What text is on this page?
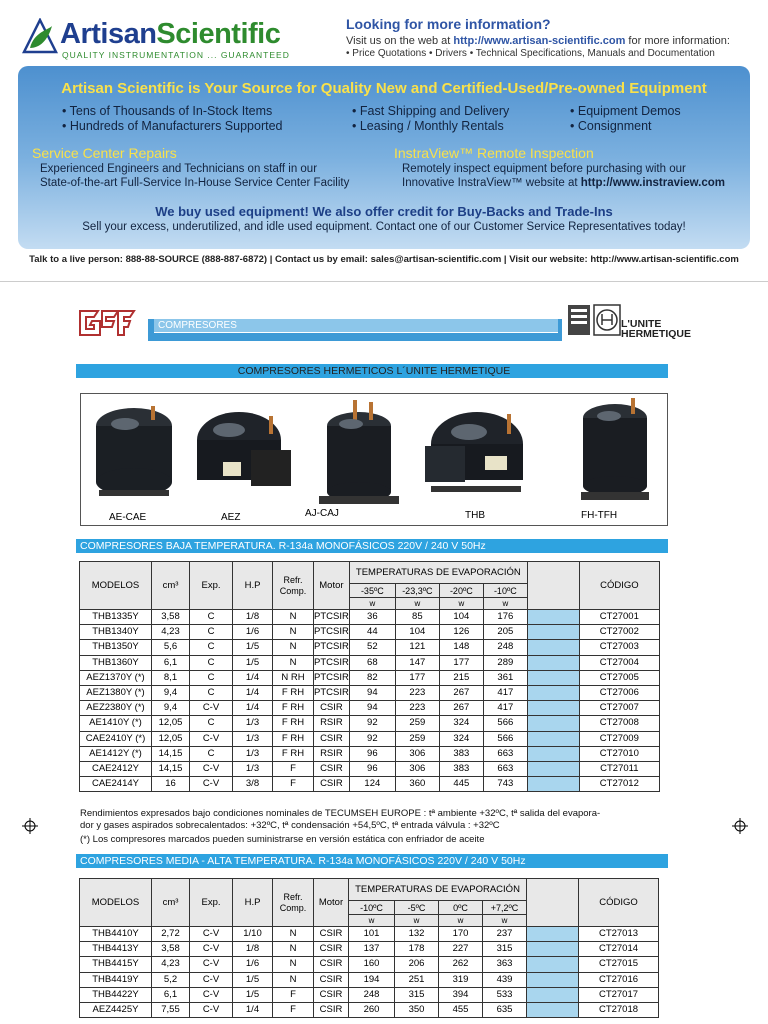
ArtisanScientific
QUALITY INSTRUMENTATION ... GUARANTEED
Looking for more information?
Visit us on the web at http://www.artisan-scientific.com for more information:
• Price Quotations • Drivers • Technical Specifications, Manuals and Documentation
Artisan Scientific is Your Source for Quality New and Certified-Used/Pre-owned Equipment
• Tens of Thousands of In-Stock Items
• Hundreds of Manufacturers Supported
• Fast Shipping and Delivery
• Leasing / Monthly Rentals
• Equipment Demos
• Consignment
Service Center Repairs
Experienced Engineers and Technicians on staff in our
State-of-the-art Full-Service In-House Service Center Facility
InstraView™ Remote Inspection
Remotely inspect equipment before purchasing with our
Innovative InstraView™ website at http://www.instraview.com
We buy used equipment! We also offer credit for Buy-Backs and Trade-Ins
Sell your excess, underutilized, and idle used equipment. Contact one of our Customer Service Representatives today!
Talk to a live person: 888-88-SOURCE (888-887-6872) | Contact us by email: sales@artisan-scientific.com | Visit our website: http://www.artisan-scientific.com
COMPRESORES	L'UNITE
HERMETIQUE
COMPRESORES HERMETICOS L´UNITE HERMETIQUE
AE-CAE	AEZ	AJ-CAJ	THB	FH-TFH
COMPRESORES BAJA TEMPERATURA. R-134a MONOFÁSICOS 220V / 240 V 50Hz
MODELOS	cm³	Exp.	H.P	Refr. Comp.	Motor	TEMPERATURAS DE EVAPORACIÓN					CÓDIGO
						-35ºC	-23,3ºC	-20ºC	-10ºC		
						w	w	w	w		
THB1335Y	3,58	C	1/8	N	PTCSIR	36	85	104	176		CT27001
THB1340Y	4,23	C	1/6	N	PTCSIR	44	104	126	205		CT27002
THB1350Y	5,6	C	1/5	N	PTCSIR	52	121	148	248		CT27003
THB1360Y	6,1	C	1/5	N	PTCSIR	68	147	177	289		CT27004
AEZ1370Y (*)	8,1	C	1/4	N RH	PTCSIR	82	177	215	361		CT27005
AEZ1380Y (*)	9,4	C	1/4	F RH	PTCSIR	94	223	267	417		CT27006
AEZ2380Y (*)	9,4	C-V	1/4	F RH	CSIR	94	223	267	417		CT27007
AE1410Y (*)	12,05	C	1/3	F RH	RSIR	92	259	324	566		CT27008
CAE2410Y (*)	12,05	C-V	1/3	F RH	CSIR	92	259	324	566		CT27009
AE1412Y (*)	14,15	C	1/3	F RH	RSIR	96	306	383	663		CT27010
CAE2412Y	14,15	C-V	1/3	F	CSIR	96	306	383	663		CT27011
CAE2414Y	16	C-V	3/8	F	CSIR	124	360	445	743		CT27012
Rendimientos expresados bajo condiciones nominales de TECUMSEH EUROPE : tª ambiente +32ºC, tª salida del evapora-
dor y gases aspirados sobrecalentados: +32ºC, tª condensación +54,5ºC, tª entrada válvula : +32ºC
(*) Los compresores marcados pueden suministrarse en versión estática con enfriador de aceite
COMPRESORES MEDIA - ALTA TEMPERATURA. R-134a MONOFÁSICOS 220V / 240 V 50Hz
MODELOS	cm³	Exp.	H.P	Refr. Comp.	Motor	TEMPERATURAS DE EVAPORACIÓN					CÓDIGO
						-10ºC	-5ºC	0ºC	+7,2ºC		
						w	w	w	w		
THB4410Y	2,72	C-V	1/10	N	CSIR	101	132	170	237		CT27013
THB4413Y	3,58	C-V	1/8	N	CSIR	137	178	227	315		CT27014
THB4415Y	4,23	C-V	1/6	N	CSIR	160	206	262	363		CT27015
THB4419Y	5,2	C-V	1/5	N	CSIR	194	251	319	439		CT27016
THB4422Y	6,1	C-V	1/5	F	CSIR	248	315	394	533		CT27017
AEZ4425Y	7,55	C-V	1/4	F	CSIR	260	350	455	635		CT27018
